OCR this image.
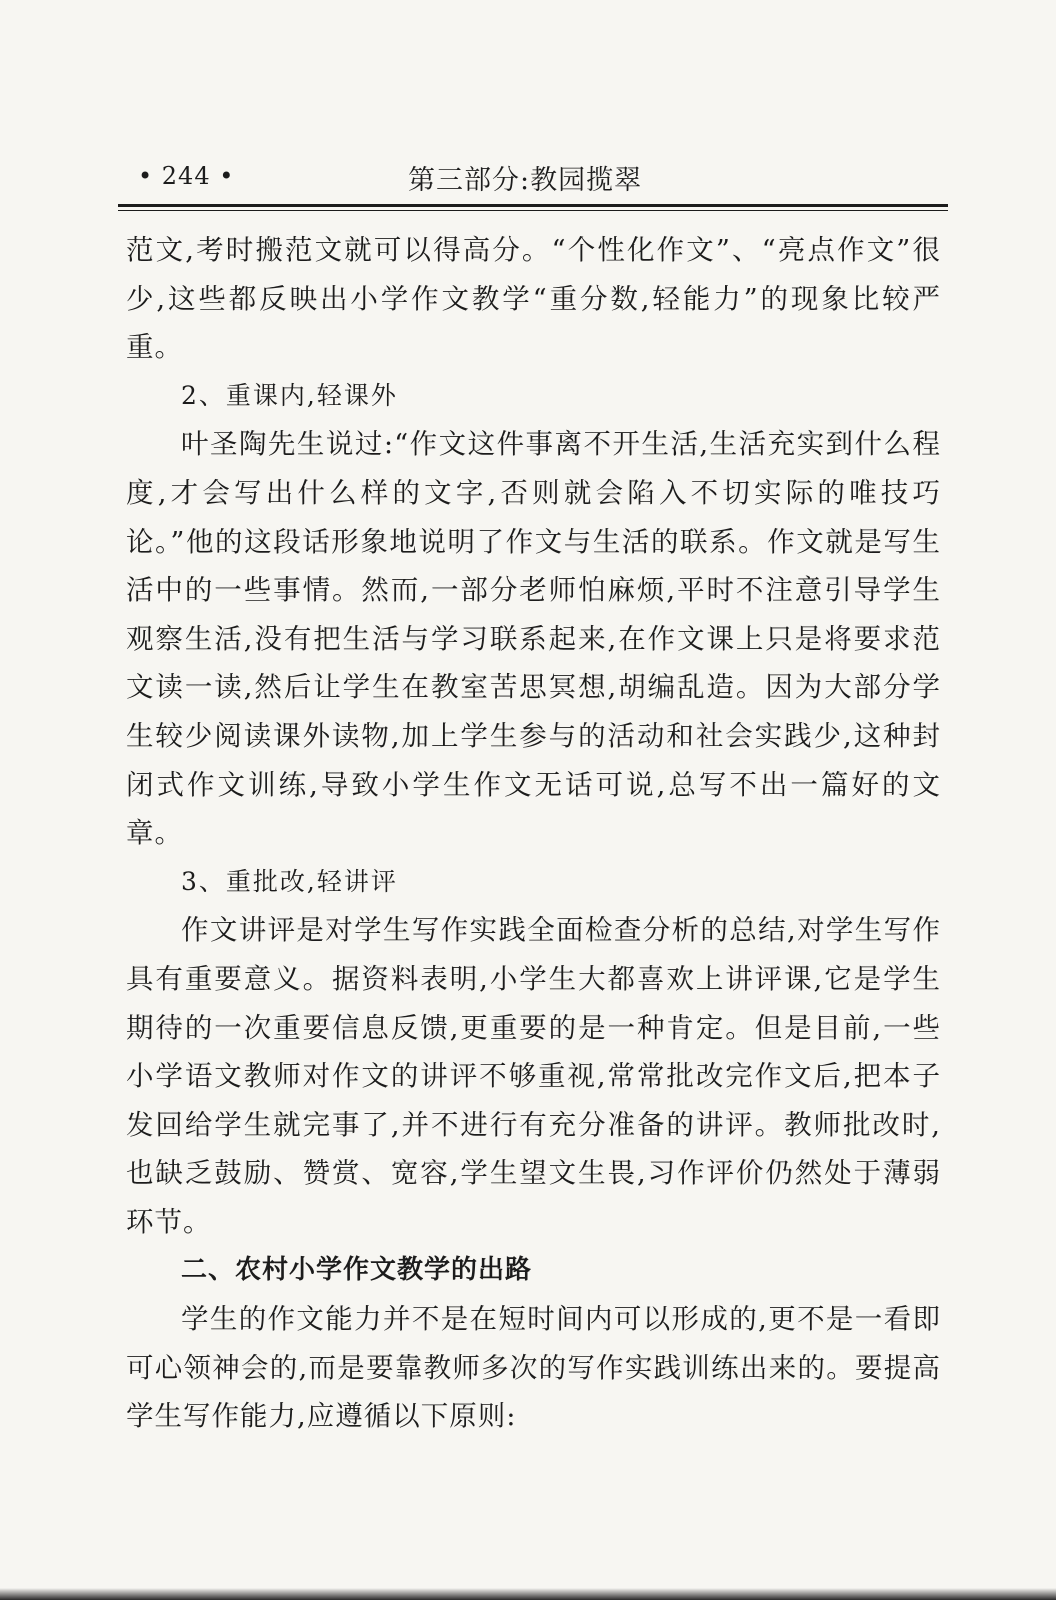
• 244 •	第三部分:教园揽翠

范文,考时搬范文就可以得高分。“个性化作文”、“亮点作文”很少,这些都反映出小学作文教学“重分数,轻能力”的现象比较严重。

2、重课内,轻课外

叶圣陶先生说过:“作文这件事离不开生活,生活充实到什么程度,才会写出什么样的文字,否则就会陷入不切实际的唯技巧论。”他的这段话形象地说明了作文与生活的联系。作文就是写生活中的一些事情。然而,一部分老师怕麻烦,平时不注意引导学生观察生活,没有把生活与学习联系起来,在作文课上只是将要求范文读一读,然后让学生在教室苦思冥想,胡编乱造。因为大部分学生较少阅读课外读物,加上学生参与的活动和社会实践少,这种封闭式作文训练,导致小学生作文无话可说,总写不出一篇好的文章。

3、重批改,轻讲评

作文讲评是对学生写作实践全面检查分析的总结,对学生写作具有重要意义。据资料表明,小学生大都喜欢上讲评课,它是学生期待的一次重要信息反馈,更重要的是一种肯定。但是目前,一些小学语文教师对作文的讲评不够重视,常常批改完作文后,把本子发回给学生就完事了,并不进行有充分准备的讲评。教师批改时,也缺乏鼓励、赞赏、宽容,学生望文生畏,习作评价仍然处于薄弱环节。

二、农村小学作文教学的出路

学生的作文能力并不是在短时间内可以形成的,更不是一看即可心领神会的,而是要靠教师多次的写作实践训练出来的。要提高学生写作能力,应遵循以下原则:
